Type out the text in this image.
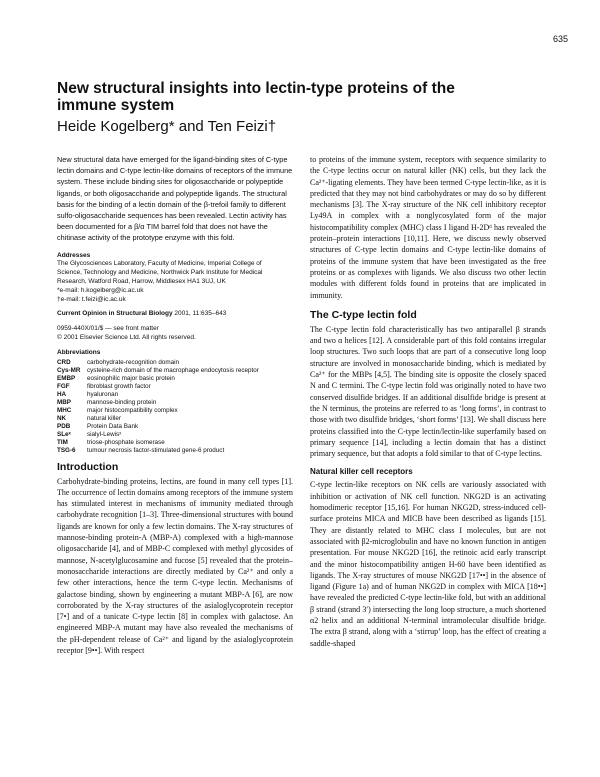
635
New structural insights into lectin-type proteins of the immune system
Heide Kogelberg* and Ten Feizi†

New structural data have emerged for the ligand-binding sites of C-type lectin domains and C-type lectin-like domains of receptors of the immune system. These include binding sites for oligosaccharide or polypeptide ligands, or both oligosaccharide and polypeptide ligands. The structural basis for the binding of a lectin domain of the β-trefoil family to different sulfo-oligosaccharide sequences has been revealed. Lectin activity has been documented for a β/α TIM barrel fold that does not have the chitinase activity of the prototype enzyme with this fold.

Addresses

The Glycosciences Laboratory, Faculty of Medicine, Imperial College of

Science, Technology and Medicine, Northwick Park Institute for Medical

Research, Watford Road, Harrow, Middlesex HA1 3UJ, UK

*e-mail: h.kogelberg@ic.ac.uk

†e-mail: t.feizi@ic.ac.uk

Current Opinion in Structural Biology 2001, 11:635–643

0959-440X/01/$ — see front matter

© 2001 Elsevier Science Ltd. All rights reserved.

Abbreviations

CRD	carbohydrate-recognition domain
Cys-MR	cysteine-rich domain of the macrophage endocytosis receptor
EMBP	eosinophilic major basic protein
FGF	fibroblast growth factor
HA	hyaluronan
MBP	mannose-binding protein
MHC	major histocompatibility complex
NK	natural killer
PDB	Protein Data Bank
SLeˣ	sialyl-Lewisˣ
TIM	triose-phosphate isomerase
TSG-6	tumour necrosis factor-stimulated gene-6 product
Introduction

Carbohydrate-binding proteins, lectins, are found in many cell types [1]. The occurrence of lectin domains among receptors of the immune system has stimulated interest in mechanisms of immunity mediated through carbohydrate recognition [1–3]. Three-dimensional structures with bound ligands are known for only a few lectin domains. The X-ray structures of mannose-binding protein-A (MBP-A) complexed with a high-mannose oligosaccharide [4], and of MBP-C complexed with methyl glycosides of mannose, N-acetylglucosamine and fucose [5] revealed that the protein–monosaccharide interactions are directly mediated by Ca²⁺ and only a few other interactions, hence the term C-type lectin. Mechanisms of galactose binding, shown by engineering a mutant MBP-A [6], are now corroborated by the X-ray structures of the asialoglycoprotein receptor [7•] and of a tunicate C-type lectin [8] in complex with galactose. An engineered MBP-A mutant may have also revealed the mechanisms of the pH-dependent release of Ca²⁺ and ligand by the asialoglycoprotein receptor [9••]. With respect

to proteins of the immune system, receptors with sequence similarity to the C-type lectins occur on natural killer (NK) cells, but they lack the Ca²⁺-ligating elements. They have been termed C-type lectin-like, as it is predicted that they may not bind carbohydrates or may do so by different mechanisms [3]. The X-ray structure of the NK cell inhibitory receptor Ly49A in complex with a nonglycosylated form of the major histocompatibility complex (MHC) class I ligand H-2Dᵈ has revealed the protein–protein interactions [10,11]. Here, we discuss newly observed structures of C-type lectin domains and C-type lectin-like domains of proteins of the immune system that have been investigated as the free proteins or as complexes with ligands. We also discuss two other lectin modules with different folds found in proteins that are implicated in immunity.

The C-type lectin fold

The C-type lectin fold characteristically has two antiparallel β strands and two α helices [12]. A considerable part of this fold contains irregular loop structures. Two such loops that are part of a consecutive long loop structure are involved in monosaccharide binding, which is mediated by Ca²⁺ for the MBPs [4,5]. The binding site is opposite the closely spaced N and C termini. The C-type lectin fold was originally noted to have two conserved disulfide bridges. If an additional disulfide bridge is present at the N terminus, the proteins are referred to as ‘long forms’, in contrast to those with two disulfide bridges, ‘short forms’ [13]. We shall discuss here proteins classified into the C-type lectin/lectin-like superfamily based on primary sequence [14], including a lectin domain that has a distinct primary sequence, but that adopts a fold similar to that of C-type lectins.

Natural killer cell receptors

C-type lectin-like receptors on NK cells are variously associated with inhibition or activation of NK cell function. NKG2D is an activating homodimeric receptor [15,16]. For human NKG2D, stress-induced cell-surface proteins MICA and MICB have been described as ligands [15]. They are distantly related to MHC class I molecules, but are not associated with β2-microglobulin and have no known function in antigen presentation. For mouse NKG2D [16], the retinoic acid early transcript and the minor histocompatibility antigen H-60 have been identified as ligands. The X-ray structures of mouse NKG2D [17••] in the absence of ligand (Figure 1a) and of human NKG2D in complex with MICA [18••] have revealed the predicted C-type lectin-like fold, but with an additional β strand (strand 3′) intersecting the long loop structure, a much shortened α2 helix and an additional N-terminal intramolecular disulfide bridge. The extra β strand, along with a ‘stirrup’ loop, has the effect of creating a saddle-shaped
